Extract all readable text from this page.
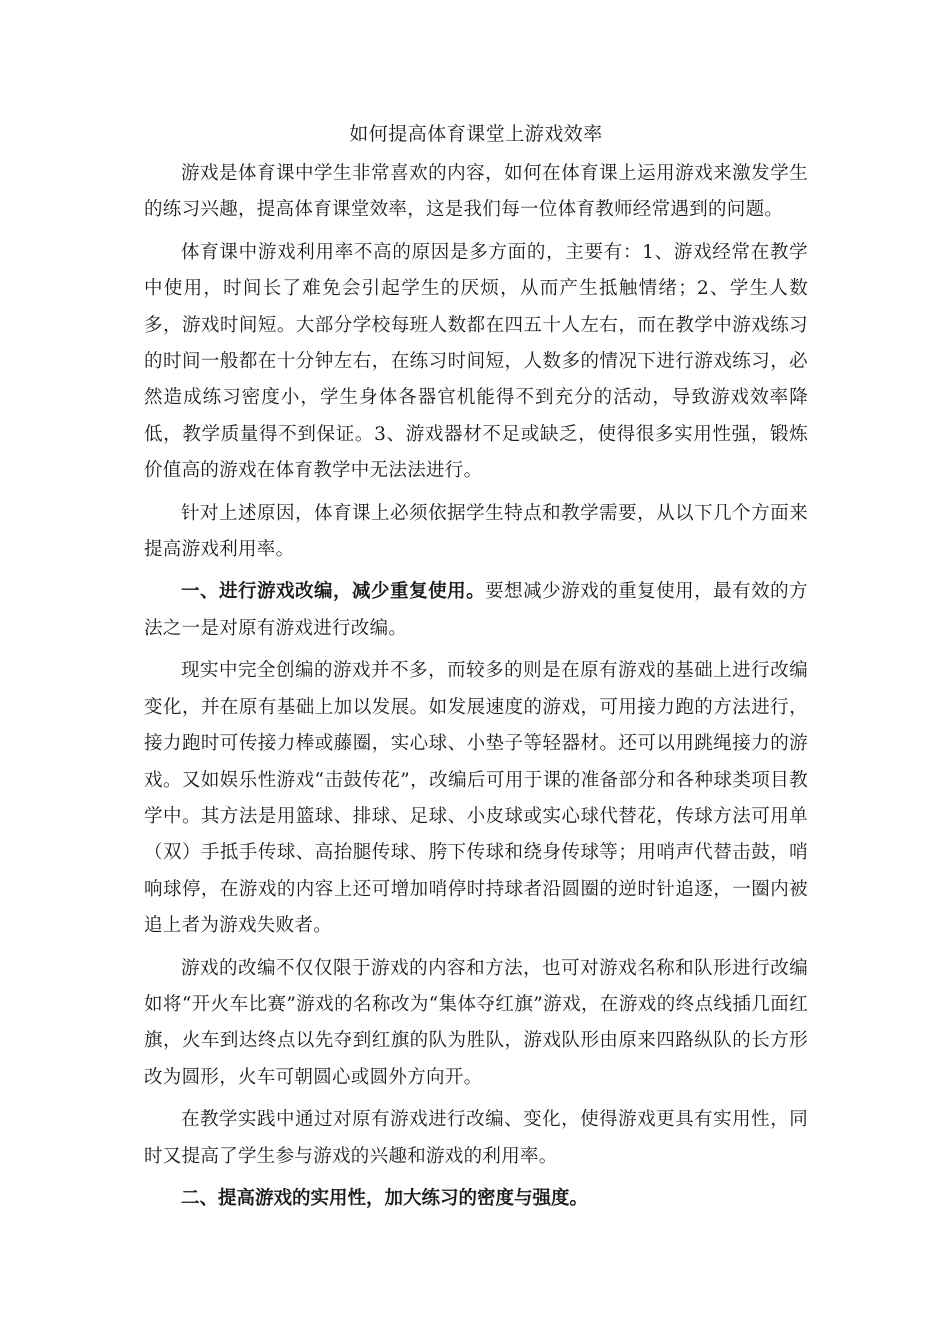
如何提高体育课堂上游戏效率

游戏是体育课中学生非常喜欢的内容，如何在体育课上运用游戏来激发学生的练习兴趣，提高体育课堂效率，这是我们每一位体育教师经常遇到的问题。

体育课中游戏利用率不高的原因是多方面的，主要有：1、游戏经常在教学中使用，时间长了难免会引起学生的厌烦，从而产生抵触情绪；2、学生人数多，游戏时间短。大部分学校每班人数都在四五十人左右，而在教学中游戏练习的时间一般都在十分钟左右，在练习时间短，人数多的情况下进行游戏练习，必然造成练习密度小，学生身体各器官机能得不到充分的活动，导致游戏效率降低，教学质量得不到保证。3、游戏器材不足或缺乏，使得很多实用性强，锻炼价值高的游戏在体育教学中无法法进行。

针对上述原因，体育课上必须依据学生特点和教学需要，从以下几个方面来提高游戏利用率。

一、进行游戏改编，减少重复使用。要想减少游戏的重复使用，最有效的方法之一是对原有游戏进行改编。

现实中完全创编的游戏并不多，而较多的则是在原有游戏的基础上进行改编变化，并在原有基础上加以发展。如发展速度的游戏，可用接力跑的方法进行，接力跑时可传接力棒或藤圈，实心球、小垫子等轻器材。还可以用跳绳接力的游戏。又如娱乐性游戏“击鼓传花”，改编后可用于课的准备部分和各种球类项目教学中。其方法是用篮球、排球、足球、小皮球或实心球代替花，传球方法可用单（双）手抵手传球、高抬腿传球、胯下传球和绕身传球等；用哨声代替击鼓，哨响球停，在游戏的内容上还可增加哨停时持球者沿圆圈的逆时针追逐，一圈内被追上者为游戏失败者。

游戏的改编不仅仅限于游戏的内容和方法，也可对游戏名称和队形进行改编如将“开火车比赛”游戏的名称改为“集体夺红旗”游戏，在游戏的终点线插几面红旗，火车到达终点以先夺到红旗的队为胜队，游戏队形由原来四路纵队的长方形改为圆形，火车可朝圆心或圆外方向开。

在教学实践中通过对原有游戏进行改编、变化，使得游戏更具有实用性，同时又提高了学生参与游戏的兴趣和游戏的利用率。

二、提高游戏的实用性，加大练习的密度与强度。
